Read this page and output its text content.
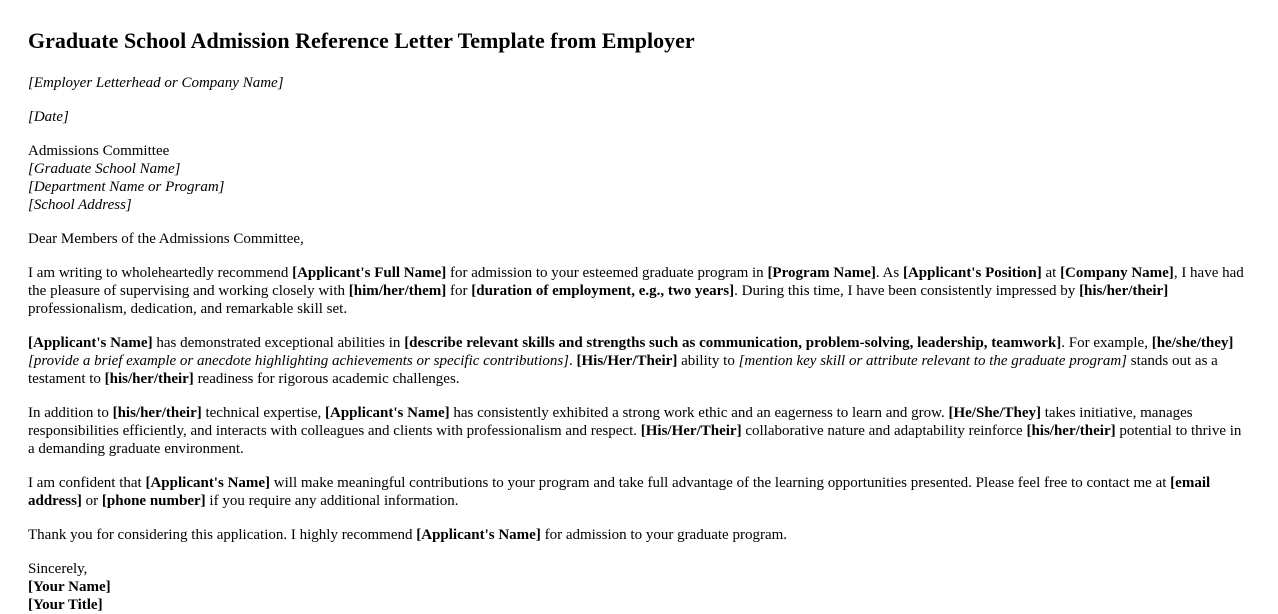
Graduate School Admission Reference Letter Template from Employer

[Employer Letterhead or Company Name]

[Date]

Admissions Committee
[Graduate School Name]
[Department Name or Program]
[School Address]

Dear Members of the Admissions Committee,

I am writing to wholeheartedly recommend [Applicant's Full Name] for admission to your esteemed graduate program in [Program Name]. As [Applicant's Position] at [Company Name], I have had the pleasure of supervising and working closely with [him/her/them] for [duration of employment, e.g., two years]. During this time, I have been consistently impressed by [his/her/their] professionalism, dedication, and remarkable skill set.

[Applicant's Name] has demonstrated exceptional abilities in [describe relevant skills and strengths such as communication, problem-solving, leadership, teamwork]. For example, [he/she/they] [provide a brief example or anecdote highlighting achievements or specific contributions]. [His/Her/Their] ability to [mention key skill or attribute relevant to the graduate program] stands out as a testament to [his/her/their] readiness for rigorous academic challenges.

In addition to [his/her/their] technical expertise, [Applicant's Name] has consistently exhibited a strong work ethic and an eagerness to learn and grow. [He/She/They] takes initiative, manages responsibilities efficiently, and interacts with colleagues and clients with professionalism and respect. [His/Her/Their] collaborative nature and adaptability reinforce [his/her/their] potential to thrive in a demanding graduate environment.

I am confident that [Applicant's Name] will make meaningful contributions to your program and take full advantage of the learning opportunities presented. Please feel free to contact me at [email address] or [phone number] if you require any additional information.

Thank you for considering this application. I highly recommend [Applicant's Name] for admission to your graduate program.

Sincerely,
[Your Name]
[Your Title]
